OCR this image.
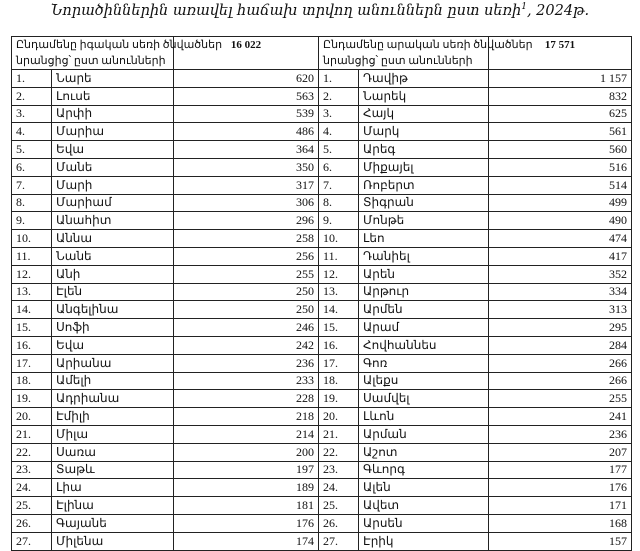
Նորածիններին առավել հաճախ տրվող անուններն ըստ սեռի$^1$, 2024թ.
Ընդամենը իգական սեռի ծնվածներ		16 022	Ընդամենը արական սեռի ծնվածներ		17 571
նրանցից՝ ըստ անունների			նրանցից՝ ըստ անունների		
1.	Նարե	620	1.	Դավիթ	1 157
2.	Լուսե	563	2.	Նարեկ	832
3.	Արփի	539	3.	Հայկ	625
4.	Մարիա	486	4.	Մարկ	561
5.	Եվա	364	5.	Արեգ	560
6.	Մանե	350	6.	Միքայել	516
7.	Մարի	317	7.	Ռոբերտ	514
8.	Մարիամ	306	8.	Տիգրան	499
9.	Անահիտ	296	9.	Մոնթե	490
10.	Աննա	258	10.	Լեո	474
11.	Նանե	256	11.	Դանիել	417
12.	Անի	255	12.	Արեն	352
13.	Էլեն	250	13.	Արթուր	334
14.	Անգելինա	250	14.	Արմեն	313
15.	Սոֆի	246	15.	Արամ	295
16.	Եվա	242	16.	Հովհաննես	284
17.	Արիանա	236	17.	Գոռ	266
18.	Ամելի	233	18.	Ալեքս	266
19.	Ադրիանա	228	19.	Սամվել	255
20.	Էմիլի	218	20.	Լևոն	241
21.	Միլա	214	21.	Արման	236
22.	Սառա	200	22.	Աշոտ	207
23.	Տաթև	197	23.	Գևորգ	177
24.	Լիա	189	24.	Ալեն	176
25.	Էլինա	181	25.	Ավետ	171
26.	Գայանե	176	26.	Արսեն	168
27.	Միլենա	174	27.	Էրիկ	157
